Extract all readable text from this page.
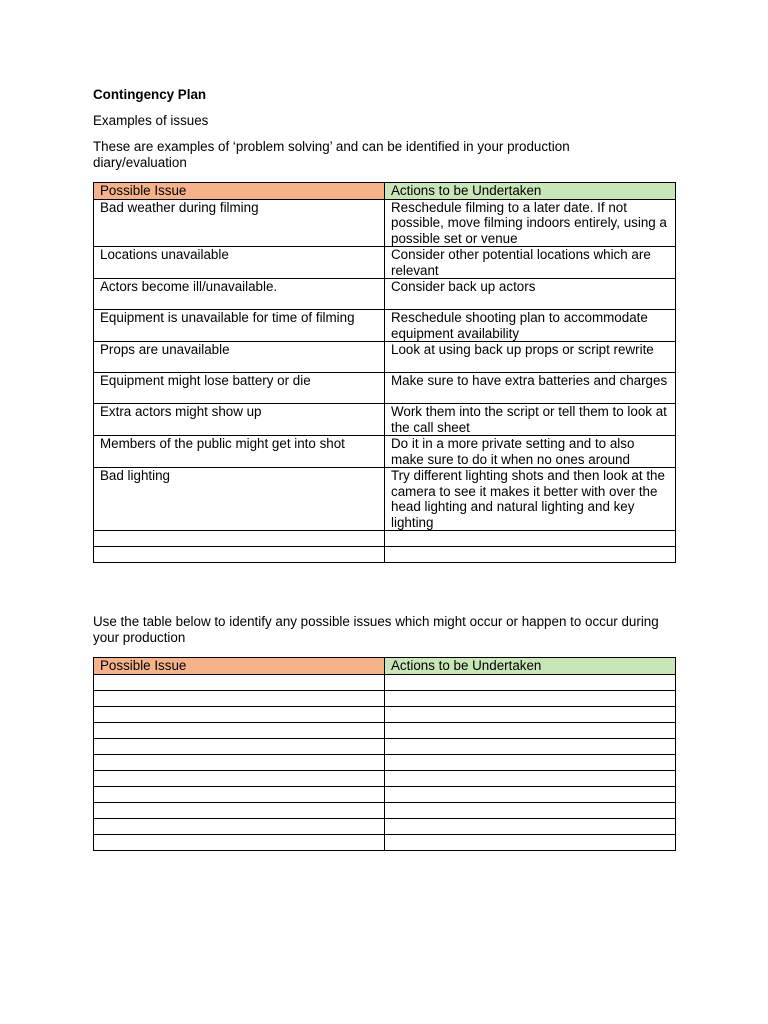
Contingency Plan
Examples of issues
These are examples of ‘problem solving’ and can be identified in your production diary/evaluation
Possible Issue	Actions to be Undertaken
Bad weather during filming	Reschedule filming to a later date. If not possible, move filming indoors entirely, using a possible set or venue
Locations unavailable	Consider other potential locations which are relevant
Actors become ill/unavailable.	Consider back up actors
Equipment is unavailable for time of filming	Reschedule shooting plan to accommodate equipment availability
Props are unavailable	Look at using back up props or script rewrite
Equipment might lose battery or die	Make sure to have extra batteries and charges
Extra actors might show up	Work them into the script or tell them to look at the call sheet
Members of the public might get into shot	Do it in a more private setting and to also make sure to do it when no ones around
Bad lighting	Try different lighting shots and then look at the camera to see it makes it better with over the head lighting and natural lighting and key lighting

Use the table below to identify any possible issues which might occur or happen to occur during your production
Possible Issue	Actions to be Undertaken
